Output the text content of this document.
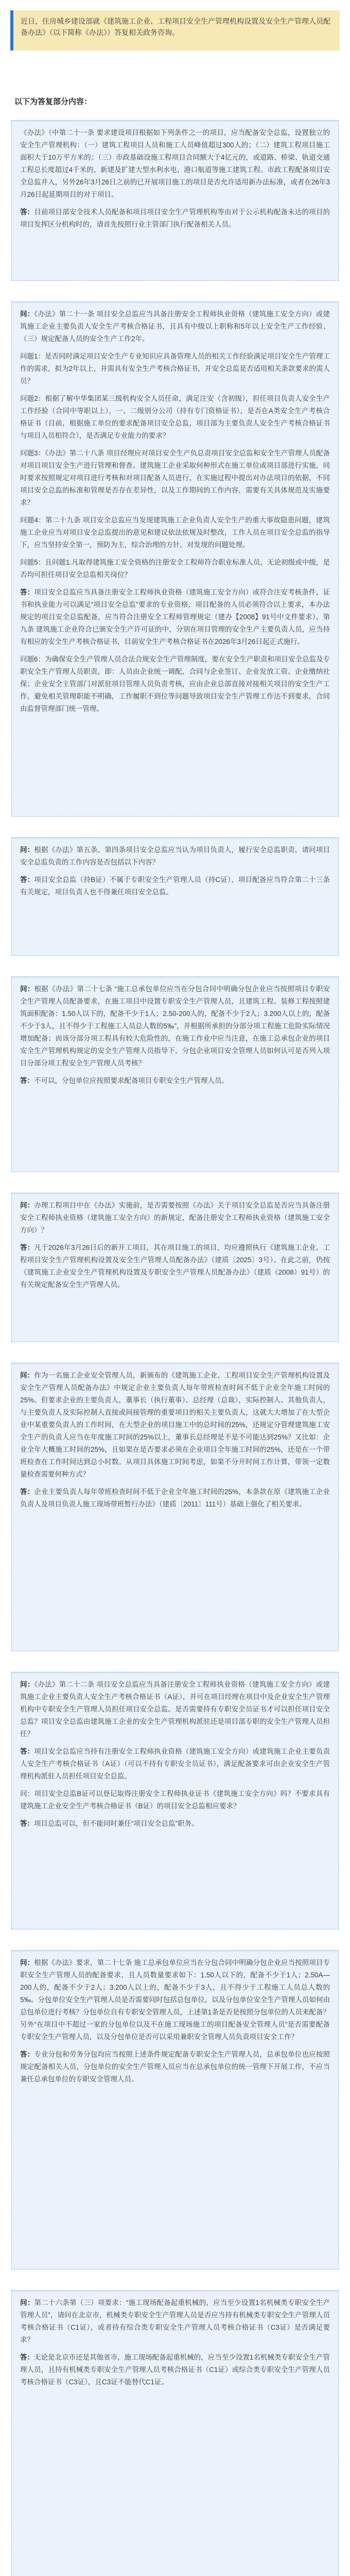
近日，住房城乡建设部就《建筑施工企业、工程项目安全生产管理机构设置及安全生产管理人员配备办法》（以下简称《办法》）答复相关政务咨询。

以下为答复部分内容：

《办法》（中第二十一条 要求建设项目根据如下列条件之一的项目，应当配备安全总监，设置独立的安全生产管理机构：（一）建筑工程项目人员和施工人员峰值超过300人的；（二）建筑工程项目施工面积大于10万平方米的；（三）市政基础设施工程项目合同额大于4亿元的，或道路、桥梁、轨道交通工程总长度超过4千米的，新建及扩建大型水利水电、港口航道等施工建筑工程。市政工程配备项目安全总监并入，另外26年3月26日之前的已开展项目施工的项目是否允许适用新办法标准，或者在26年3月26日起延期项目的对于项目。

答：目前项目部安全技术人员配备和项目项目安全生产管理机构等由对于公示机构配备未达的项目的项目发挥区分机构时的，请首先按照行业主管部门执行配备相关人员。

问：《办法》第二十一条 项目安全总监应当具备注册安全工程师执业资格（建筑施工安全方向）或建筑施工企业主要负责人安全生产考核合格证书，且具有中级以上职称和5年以上安全生产工作经验、（三）规定配备人员的安全生产工作2年。

问题1：是否同时满足项目安全生产专业知识应具备管理人员的相关工作经验满足项目安全生产管理工作的需求，拟为2年以上，并需具有安全生产考核合格证书，并安全总监是否适用相关条款要求的需人员？

问题2：根据了解中华集团某三级机构安全人员任命，满足注安（含初级），担任项目负责人安全生产工作经验（合同中等职以上），一、二级别分公司（持有专门资格证书），是否在A类安全生产考核合格证书（目前，根据施工单位的要求配备项目安全总监，项目部为主要负责人安全生产考核合格证书与项目人员相符合），是否满足专业能力的要求？

问题3：《办法》第二十八条 项目经理应对项目安全生产负总责项目安全总监和安全生产管理人员配备对项目项目安全生产进行管理和督查。建筑施工企业采取何种形式在施工单位或项目部进行实施，同时要求按照规定对项目进行考核和对项目配备人员进行，在实施过程中提出对办法项目的依据，不同项目安全总监的标准和管理是否存在差异性，以及工作期间的工作内容，需要有关具体规范及实施要求？

问题4：第二十九条 项目安全总监应当发现建筑施工企业负责人安全生产的重大事故隐患问题，建筑施工企业应当对项目安全总监提出的意见和建议依法依规及时整改，工作人员在项目安全总监的指导下，应当坚持安全第一，预防为主，综合治理的方针，对发现的问题处理。

问题5：且问题1.凡取得建筑施工安全资格的注册安全工程师符合职业标准人员，无论初级或中级，是否均可担任项目安全总监相关岗位？

答：项目安全总监应当具备注册安全工程师执业资格（建筑施工安全方向）或符合注安考核条件，证书和执业能力可以满足“项目安全总监”要求的专业资格，项目配备的人员必须符合以上要求，本办法规定的项目安全总监配备，应当符合注册安全工程师管理规定（建办【2008】91号中文件要求）。第九条 建筑施工企业符合已颁安全生产许可证的中，分别在项目管理的安全生产主要负责人员，应当持有相应的安全生产考核合格证书，目前安全生产考核合格证书在2026年3月26日起正式施行。

问题6：为确保安全生产管理人员合法合规安全生产管理制度，要在安全生产职责和项目安全总监及专职安全生产管理人员职责，即：人员由企业统一调配，合同与企业签订、企业发放工资、企业缴纳社保；企业安全主管部门对派驻项目管理人员负责考核，应由企业总部直接对接相关项目的安全生产工作，避免相关管理职能不明确，工作履职不到位等问题导致项目安全生产管理工作达不到要求，合同由监督管理部门统一管理。

问：根据《办法》第五条、第四条项目安全总监应当认为项目负责人，履行安全总监职责，请问项目安全总监负责的工作内容是否包括以下内容？

答：项目安全总监（持B证）不属于专职安全生产管理人员（持C证），项目配备应当符合第二十三条有关规定，项目负责人也不得兼任项目安全总监。

问：根据《办法》第二十七条 “施工总承包单位应当在分包合同中明确分包企业应当按照项目专职安全生产管理人员配备要求，在施工项目中设置专职安全生产管理人员，且建筑工程、装修工程按照建筑面积配备：1.50人以下的，配备不少于1人；2.50-200人的，配备不少于2人；3.200人以上的，配备不少于3人，且不得少于工程施工人员总人数的5‰”，并根据所承担的分部分项工程施工危险实际情况增加配备；而该分部分项工程具有较大危险性的，在施工作业中应当注意，在施工总承包企业的项目安全生产管理机构规定的安全生产管理人员指导下，分包企业项目安全管理人员如何认可是否列入项目分部分项工程安全生产管理人员考核？

答：不可以，分包单位应按照要求配备项目专职安全生产管理人员。

问：办理工程项目中在《办法》实施前，是否需要按照《办法》关于项目安全总监是否应当具备注册安全工程师执业资格（建筑施工安全方向）的新规定，配备注册安全工程师执业资格（建筑施工安全方向）？

答：凡于2026年3月26日后的新开工项目，其在项目施工的项目，均应遵照执行《建筑施工企业、工程项目安全生产管理机构设置及安全生产管理人员配备办法》（建质〔2025〕3号）。在此之前，仍按《建筑施工企业安全生产管理机构设置及专职安全生产管理人员配备办法》（建质（2008）91号）的有关规定配备安全生产管理人员。

问：作为一名施工企业安全管理人员，新颁布的《建筑施工企业、工程项目安全生产管理机构设置及安全生产管理人员配备办法》中规定企业主要负责人每年带班检查时间不低于企业全年施工时间的25%。但要求企业的主要负责人，董事长（执行董事）、总经理（总裁），实际控制人、其他负责人，与主要负责人及实际控制人直接或间接管理的重要项目的相关主要负责人，这就大大增加了在大型企业中某重要负责人的工作时间，在大型企业的项目施工中的总时间的25%，还规定分管理建筑施工安全生产的负责人应当在年度施工时间的25%以上，董事长总经理是不是不可能达到25%？又比如：企业全年大概施工时间的25%，且如果在是否要求必须在企业项目全年施工时间的25%，还是在一个带班检查在工作时间达到总小时数。从项目具体施工时间考虑，如果不分开时间工作计算，带领一定数量检查需要何种方式？

答：企业主要负责人每年带班检查时间不低于企业全年施工时间的25%，本条款在原《建筑施工企业负责人及项目负责人施工现场带班暂行办法》（建质〔2011〕111号）基础上强化了相关要求。

问：《办法》第二十二条 项目安全总监应当具备注册安全工程师执业资格（建筑施工安全方向）或建筑施工企业主要负责人安全生产考核合格证书（A证），并可在项目经理在项目中及企业安全生产管理机构中专职安全生产管理人员担任项目安全总监。是否需要持有专职安全员证书才可以担任项目安全总监？项目安全总监由建筑施工企业的安全生产管理机构派驻还是项目部专职的安全生产管理人员担任？

答：项目安全总监应当持有注册安全工程师执业资格（建筑施工安全方向）或建筑施工企业主要负责人安全生产考核合格证书（A证）（可以不持有专职安全员证书），满足配备要求可由企业安全生产管理机构派驻人员担任项目安全总监。

问：项目安全总监B证可以登记取得注册安全工程师执业证书《建筑施工安全方向》吗？不要求具有建筑施工企业安全生产考核合格证书（B证）的项目安全总监相应要求？

答：项目总监可以，但不能同时兼任“项目安全总监”职务。

问：根据《办法》要求，第二十七条 施工总承包单位应当在分包合同中明确分包企业应当按照项目专职安全生产管理人员的配备要求，且人员数量要求如下：1.50人以下的，配备不少于1人；2.50A—200人的，配备不少于2人；3.200人以上的，配备不少于3人，且不得少于工程施工人员总人数的5‰。分包单位安全生产管理人员是否需要同时包括总包单位，以及分包单位安全生产管理人员如何由总包单位进行考核？分包单位自有专职安全管理人员，上述第1条是否是按照分包单位的人员来配备？另外“在项目中不超过一家的分包单位以及不在施工现场施工的项目配备安全管理人员”是否需要配备专职安全生产管理人员，以及分包单位是否可以采用兼职安全管理人员负责项目安全工作？

答：专业分包和劳务分包均应当按照上述条件规定配备专职安全生产管理人员，总承包单位也应按照规定配备相关人员，分包单位的安全生产管理人员应当在总承包单位的统一管理下开展工作，不应当兼任总承包单位的专职安全管理人员。

问：第二十六条第（三）项要求：“施工现场配备起重机械的，应当至少设置1名机械类专职安全生产管理人员”，请问在北京市，机械类专职安全生产管理人员是否应当持有机械类专职安全生产管理人员考核合格证书（C1证），或者持有综合类专职安全生产管理人员考核合格证书（C3证）是否满足要求？

答：无论是北京市还是其他省市，施工现场配备起重机械的，应当至少设置1名机械类专职安全生产管理人员，且持有机械类专职安全生产管理人员考核合格证书（C1证）或综合类专职安全生产管理人员考核合格证书（C3证），且C3证不能替代C1证。
